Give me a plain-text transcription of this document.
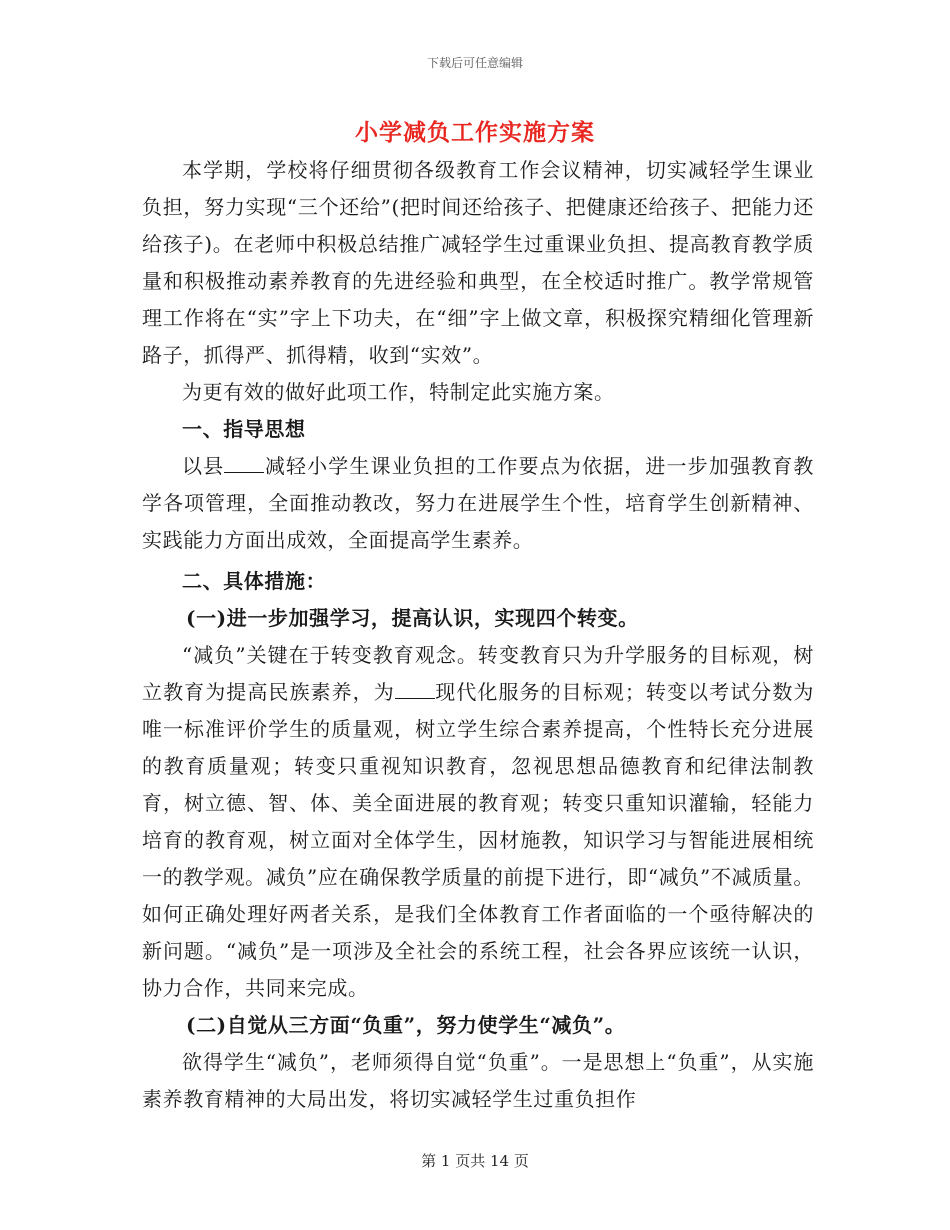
下载后可任意编辑
小学减负工作实施方案

本学期，学校将仔细贯彻各级教育工作会议精神，切实减轻学生课业负担，努力实现“三个还给”(把时间还给孩子、把健康还给孩子、把能力还给孩子)。在老师中积极总结推广减轻学生过重课业负担、提高教育教学质量和积极推动素养教育的先进经验和典型，在全校适时推广。教学常规管理工作将在“实”字上下功夫，在“细”字上做文章，积极探究精细化管理新路子，抓得严、抓得精，收到“实效”。

为更有效的做好此项工作，特制定此实施方案。

一、指导思想

以县 减轻小学生课业负担的工作要点为依据，进一步加强教育教学各项管理，全面推动教改，努力在进展学生个性，培育学生创新精神、实践能力方面出成效，全面提高学生素养。

二、具体措施：

(一)进一步加强学习，提高认识，实现四个转变。

“减负”关键在于转变教育观念。转变教育只为升学服务的目标观，树立教育为提高民族素养，为 现代化服务的目标观；转变以考试分数为唯一标准评价学生的质量观，树立学生综合素养提高，个性特长充分进展的教育质量观；转变只重视知识教育，忽视思想品德教育和纪律法制教育，树立德、智、体、美全面进展的教育观；转变只重知识灌输，轻能力培育的教育观，树立面对全体学生，因材施教，知识学习与智能进展相统一的教学观。减负”应在确保教学质量的前提下进行，即“减负”不减质量。如何正确处理好两者关系，是我们全体教育工作者面临的一个亟待解决的新问题。“减负”是一项涉及全社会的系统工程，社会各界应该统一认识，协力合作，共同来完成。

(二)自觉从三方面“负重”，努力使学生“减负”。

欲得学生“减负”，老师须得自觉“负重”。一是思想上“负重”，从实施素养教育精神的大局出发，将切实减轻学生过重负担作

第 1 页共 14 页
